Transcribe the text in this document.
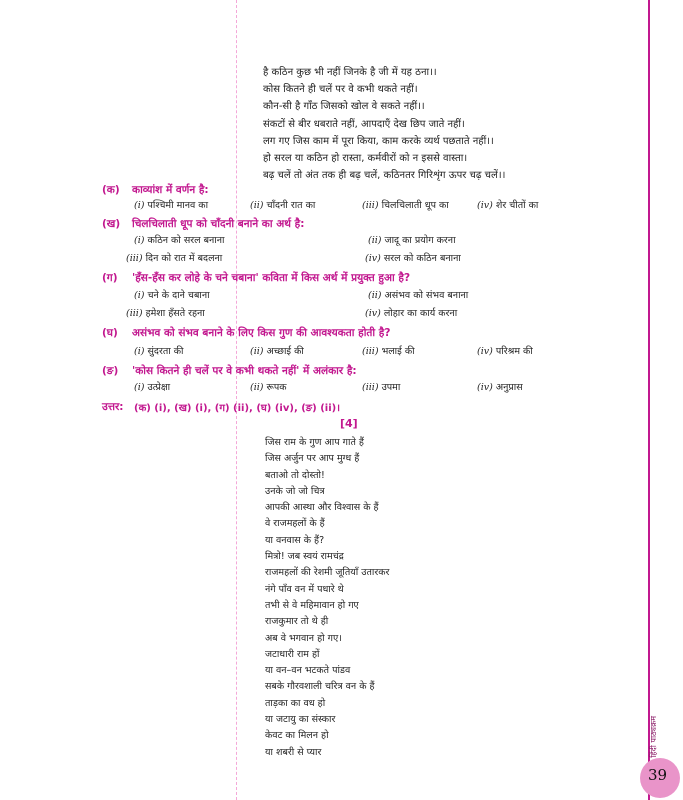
हिंदी पाठ्यक्रम
39
है कठिन कुछ भी नहीं जिनके है जी में यह ठना।।
कोस कितने ही चलें पर वे कभी थकते नहीं।
कौन-सी है गाँठ जिसको खोल वे सकते नहीं।।
संकटों से बीर धबराते नहीं, आपदाएँ देख छिप जाते नहीं।
लग गए जिस काम में पूरा किया, काम करके व्यर्थ पछताते नहीं।।
हो सरल या कठिन हो रास्ता, कर्मवीरों को न इससे वास्ता।
बढ़ चलें तो अंत तक ही बढ़ चलें, कठिनतर गिरिशृंग ऊपर चढ़ चलें।।
(क) काव्यांश में वर्णन है:
(i) पश्चिमी मानव का	(ii) चाँदनी रात का	(iii) चिलचिलाती धूप का	(iv) शेर चीतों का
(ख) चिलचिलाती धूप को चाँदनी बनाने का अर्थ है:
(i) कठिन को सरल बनाना	(ii) जादू का प्रयोग करना
(iii) दिन को रात में बदलना	(iv) सरल को कठिन बनाना
(ग) 'हँस-हँस कर लोहे के चने चबाना' कविता में किस अर्थ में प्रयुक्त हुआ है?
(i) चने के दाने चबाना	(ii) असंभव को संभव बनाना
(iii) हमेशा हँसते रहना	(iv) लोहार का कार्य करना
(घ) असंभव को संभव बनाने के लिए किस गुण की आवश्यकता होती है?
(i) सुंदरता की	(ii) अच्छाई की	(iii) भलाई की	(iv) परिश्रम की
(ङ) 'कोस कितने ही चलें पर वे कभी थकते नहीं' में अलंकार है:
(i) उत्प्रेक्षा	(ii) रूपक	(iii) उपमा	(iv) अनुप्रास
उत्तर: (क) (i), (ख) (i), (ग) (ii), (घ) (iv), (ङ) (ii)।
[4]
जिस राम के गुण आप गाते हैं
जिस अर्जुन पर आप मुग्ध हैं
बताओ तो दोस्तो!
उनके जो जो चित्र
आपकी आस्था और विश्वास के हैं
वे राजमहलों के हैं
या वनवास के हैं?
मित्रो! जब स्वयं रामचंद्र
राजमहलों की रेशमी जूतियाँ उतारकर
नंगे पाँव वन में पधारे थे
तभी से वे महिमावान हो गए
राजकुमार तो थे ही
अब वे भगवान हो गए।
जटाधारी राम हों
या वन–वन भटकते पांडव
सबके गौरवशाली चरित्र वन के हैं
ताड़का का वध हो
या जटायु का संस्कार
केवट का मिलन हो
या शबरी से प्यार
